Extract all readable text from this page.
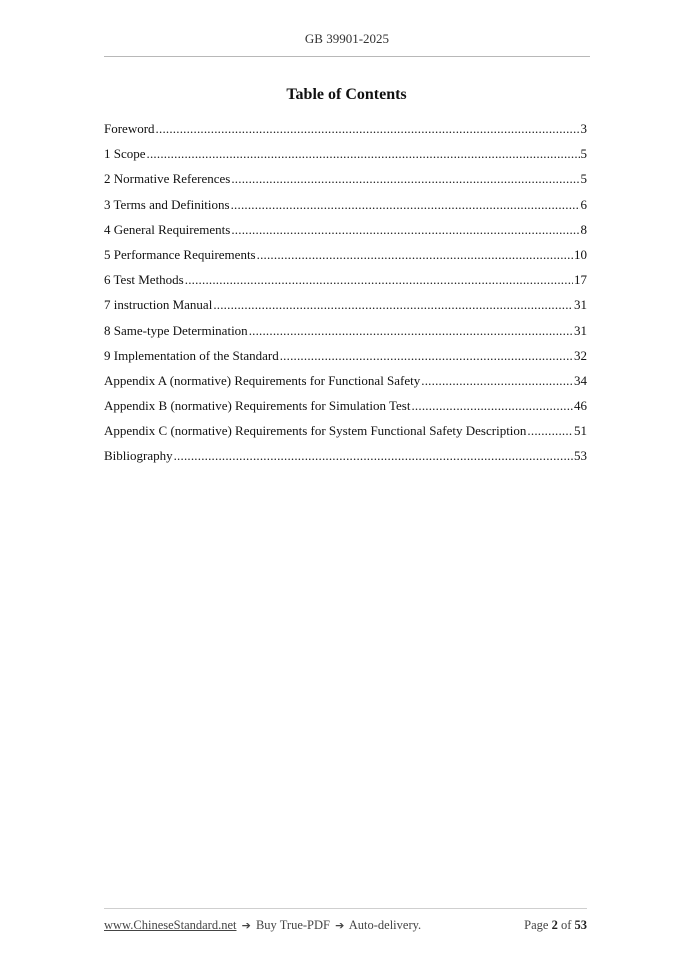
GB 39901-2025
Table of Contents
Foreword .....	3
1 Scope .....	5
2 Normative References .....	5
3 Terms and Definitions .....	6
4 General Requirements .....	8
5 Performance Requirements .....	10
6 Test Methods .....	17
7 instruction Manual .....	31
8 Same-type Determination .....	31
9 Implementation of the Standard .....	32
Appendix A (normative) Requirements for Functional Safety .....	34
Appendix B (normative) Requirements for Simulation Test .....	46
Appendix C (normative) Requirements for System Functional Safety Description .....	51
Bibliography .....	53
www.ChineseStandard.net ➔ Buy True-PDF ➔ Auto-delivery.	Page 2 of 53
